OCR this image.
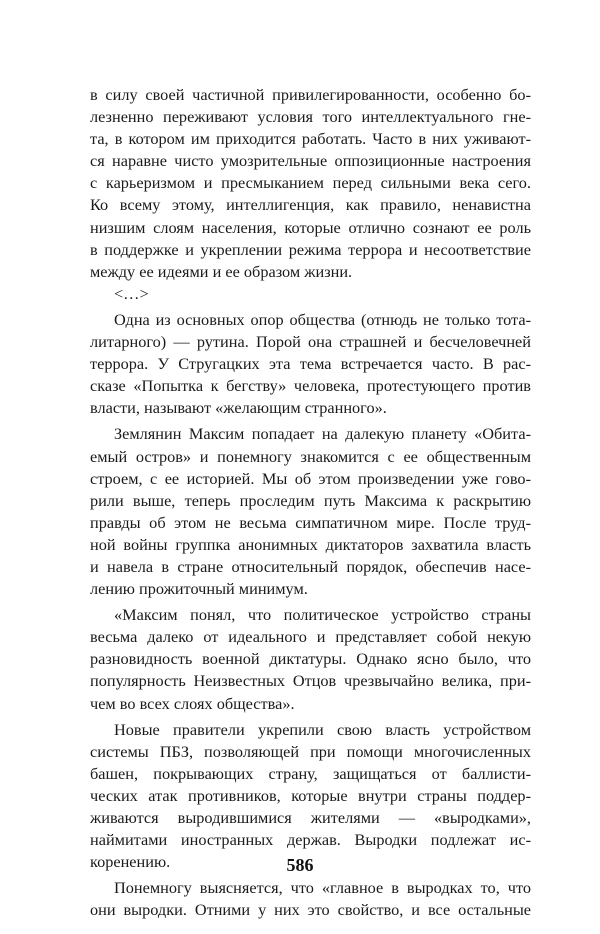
в силу своей частичной привилегированности, особенно бо-
лезненно переживают условия того интеллектуального гне-
та, в котором им приходится работать. Часто в них уживают-
ся наравне чисто умозрительные оппозиционные настроения
с карьеризмом и пресмыканием перед сильными века сего.
Ко всему этому, интеллигенция, как правило, ненавистна
низшим слоям населения, которые отлично сознают ее роль
в поддержке и укреплении режима террора и несоответствие
между ее идеями и ее образом жизни.
<…>
Одна из основных опор общества (отнюдь не только тота-
литарного) — рутина. Порой она страшней и бесчеловечней
террора. У Стругацких эта тема встречается часто. В рас-
сказе «Попытка к бегству» человека, протестующего против
власти, называют «желающим странного».
Землянин Максим попадает на далекую планету «Обита-
емый остров» и понемногу знакомится с ее общественным
строем, с ее историей. Мы об этом произведении уже гово-
рили выше, теперь проследим путь Максима к раскрытию
правды об этом не весьма симпатичном мире. После труд-
ной войны группка анонимных диктаторов захватила власть
и навела в стране относительный порядок, обеспечив насе-
лению прожиточный минимум.
«Максим понял, что политическое устройство страны
весьма далеко от идеального и представляет собой некую
разновидность военной диктатуры. Однако ясно было, что
популярность Неизвестных Отцов чрезвычайно велика, при-
чем во всех слоях общества».
Новые правители укрепили свою власть устройством
системы ПБЗ, позволяющей при помощи многочисленных
башен, покрывающих страну, защищаться от баллисти-
ческих атак противников, которые внутри страны поддер-
живаются выродившимися жителями — «выродками»,
наймитами иностранных держав. Выродки подлежат ис-
коренению.
Понемногу выясняется, что «главное в выродках то, что
они выродки. Отними у них это свойство, и все остальные
586
